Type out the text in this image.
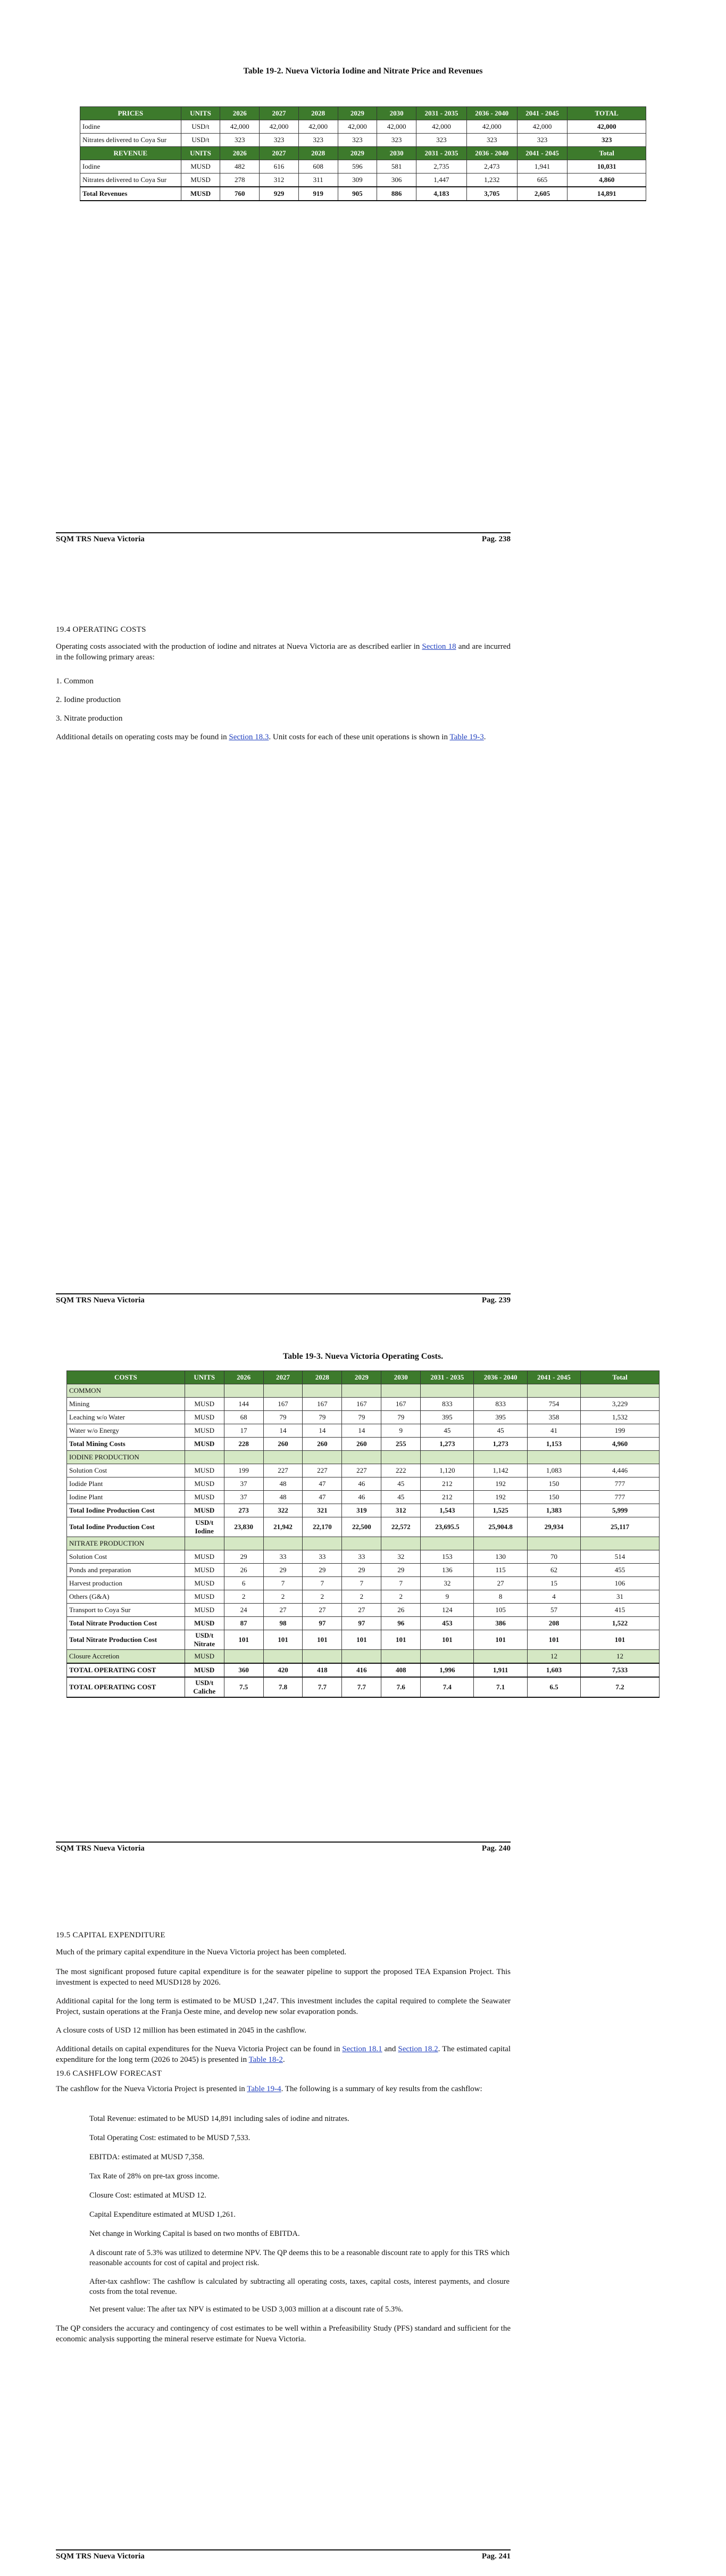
Table 19-2. Nueva Victoria Iodine and Nitrate Price and Revenues
PRICES	UNITS	2026	2027	2028	2029	2030	2031 - 2035	2036 - 2040	2041 - 2045	TOTAL
Iodine	USD/t	42,000	42,000	42,000	42,000	42,000	42,000	42,000	42,000	42,000
Nitrates delivered to Coya Sur	USD/t	323	323	323	323	323	323	323	323	323
REVENUE	UNITS	2026	2027	2028	2029	2030	2031 - 2035	2036 - 2040	2041 - 2045	Total
Iodine	MUSD	482	616	608	596	581	2,735	2,473	1,941	10,031
Nitrates delivered to Coya Sur	MUSD	278	312	311	309	306	1,447	1,232	665	4,860
Total Revenues	MUSD	760	929	919	905	886	4,183	3,705	2,605	14,891
SQM TRS Nueva Victoria	Pag. 238
19.4 OPERATING COSTS
Operating costs associated with the production of iodine and nitrates at Nueva Victoria are as described earlier in Section 18 and are incurred in the following primary areas:
1. Common
2. Iodine production
3. Nitrate production
Additional details on operating costs may be found in Section 18.3. Unit costs for each of these unit operations is shown in Table 19-3.
SQM TRS Nueva Victoria	Pag. 239
Table 19-3. Nueva Victoria Operating Costs.
COSTS	UNITS	2026	2027	2028	2029	2030	2031 - 2035	2036 - 2040	2041 - 2045	Total
COMMON										
Mining	MUSD	144	167	167	167	167	833	833	754	3,229
Leaching w/o Water	MUSD	68	79	79	79	79	395	395	358	1,532
Water w/o Energy	MUSD	17	14	14	14	9	45	45	41	199
Total Mining Costs	MUSD	228	260	260	260	255	1,273	1,273	1,153	4,960
IODINE PRODUCTION										
Solution Cost	MUSD	199	227	227	227	222	1,120	1,142	1,083	4,446
Iodide Plant	MUSD	37	48	47	46	45	212	192	150	777
Iodine Plant	MUSD	37	48	47	46	45	212	192	150	777
Total Iodine Production Cost	MUSD	273	322	321	319	312	1,543	1,525	1,383	5,999
Total Iodine Production Cost	USD/t Iodine	23,830	21,942	22,170	22,500	22,572	23,695.5	25,904.8	29,934	25,117
NITRATE PRODUCTION										
Solution Cost	MUSD	29	33	33	33	32	153	130	70	514
Ponds and preparation	MUSD	26	29	29	29	29	136	115	62	455
Harvest production	MUSD	6	7	7	7	7	32	27	15	106
Others (G&A)	MUSD	2	2	2	2	2	9	8	4	31
Transport to Coya Sur	MUSD	24	27	27	27	26	124	105	57	415
Total Nitrate Production Cost	MUSD	87	98	97	97	96	453	386	208	1,522
Total Nitrate Production Cost	USD/t Nitrate	101	101	101	101	101	101	101	101	101
Closure Accretion	MUSD								12	12
TOTAL OPERATING COST	MUSD	360	420	418	416	408	1,996	1,911	1,603	7,533
TOTAL OPERATING COST	USD/t Caliche	7.5	7.8	7.7	7.7	7.6	7.4	7.1	6.5	7.2
SQM TRS Nueva Victoria	Pag. 240
19.5 CAPITAL EXPENDITURE
Much of the primary capital expenditure in the Nueva Victoria project has been completed.
The most significant proposed future capital expenditure is for the seawater pipeline to support the proposed TEA Expansion Project. This investment is expected to need MUSD128 by 2026.
Additional capital for the long term is estimated to be MUSD 1,247. This investment includes the capital required to complete the Seawater Project, sustain operations at the Franja Oeste mine, and develop new solar evaporation ponds.
A closure costs of USD 12 million has been estimated in 2045 in the cashflow.
Additional details on capital expenditures for the Nueva Victoria Project can be found in Section 18.1 and Section 18.2. The estimated capital expenditure for the long term (2026 to 2045) is presented in Table 18-2.
19.6 CASHFLOW FORECAST
The cashflow for the Nueva Victoria Project is presented in Table 19-4. The following is a summary of key results from the cashflow:
Total Revenue: estimated to be MUSD 14,891 including sales of iodine and nitrates.
Total Operating Cost: estimated to be MUSD 7,533.
EBITDA: estimated at MUSD 7,358.
Tax Rate of 28% on pre-tax gross income.
Closure Cost: estimated at MUSD 12.
Capital Expenditure estimated at MUSD 1,261.
Net change in Working Capital is based on two months of EBITDA.
A discount rate of 5.3% was utilized to determine NPV. The QP deems this to be a reasonable discount rate to apply for this TRS which reasonable accounts for cost of capital and project risk.
After-tax cashflow: The cashflow is calculated by subtracting all operating costs, taxes, capital costs, interest payments, and closure costs from the total revenue.
Net present value: The after tax NPV is estimated to be USD 3,003 million at a discount rate of 5.3%.
The QP considers the accuracy and contingency of cost estimates to be well within a Prefeasibility Study (PFS) standard and sufficient for the economic analysis supporting the mineral reserve estimate for Nueva Victoria.
SQM TRS Nueva Victoria	Pag. 241
